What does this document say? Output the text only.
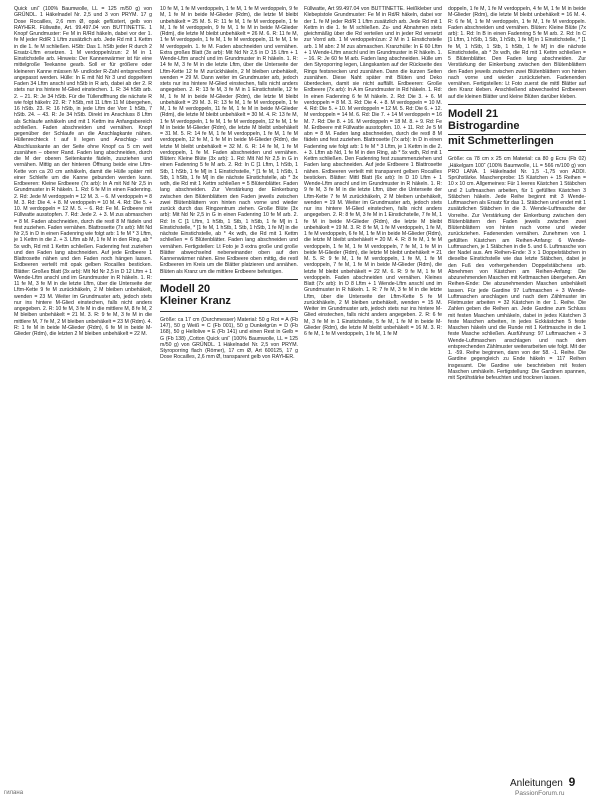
Quick uni“ (100% Baumwolle, LL = 125 m/50 g) von GRÜNDL. 1 Häkelnadel Nr. 2,5 und 3 von PRYM. 17 g Dose Rocailles, 2,6 mm Ø, opak geflüstert, gelb von RAYHER. Füllwatte, Art. 99.497.04 von BUTTINETTE. 1 Knopf Grundmuster: Fe M in R/Rd häkeln, dabei vor der 1. fe M jeder Rd/R 1 Lftm zusätzlich arb. Jede Rd mit 1 Kettm in die 1. fe M schließen. HStb: Das 1. hStb jeder R durch 2 Ersatz-Lftm ersetzen. 1 M verdoppeln/zun: 2 M in 1 Einstichstelle arb. Hinweis: Der Kannenwärmer ist für eine mittelgroße Teekanne gearb. Soll er für größere oder kleineren Kanne müssen M- und/oder R-Zahl entsprechend angepasst werden. Hülle: In E mit Nd Nr 3 und doppeltem Faden 34 Lftm anschl und hStb in R arb, dabei ab der 2. R stets nur ins hintere M-Glied einstechen. 1. R: 34 hStb arb. 2. – 21. R: Je 34 hStb. Für die Tüllendffnung die nächste R wie folgt häkeln: 22. R: 7 hStb, mit 11 Lftm 11 M übergehen, 16 hStb. 23. R: 16 hStb, in jede Lftm der Vorr 1 hStb, 7 hStb. 24. – 43. R: Je 34 hStb. Direkt im Anschluss 8 Lftm als Schlaufe anhäkeln und mit 1 Kettm ins Anfangsbereich schließen. Faden abschneiden und vernähen. Knopf gegenüber der Schlaufe an die Anschlagkante nähen. Hüllenrechteck t auf li legen und Anschlag- und Abschlusskante an der Seite ohne Knopf ca 5 cm weit zusnähen – oberer Rand. Faden lang abschneiden, durch die M der oberen Seitenkante fädeln, zusziehen und vernähen. Mittig an der hinteren Öffnung beide eine Lftm-Kette von ca 20 cm anhäkeln, damit die Hülle später mit einer Schleife um die Kanne gebunden werden kann. Erdbeeren: Kleine Erdbeere (7x arb): In A mit Nd Nr 2,5 in Grundmuster in R häkeln. 1. Rd: 6 fe M in einen Fadenring. 2. Rd: Jede M verdoppeln = 12 M. 3. – 6. M verdoppeln = 8 M. 3. Rd: Die 4. + 8. M verdoppeln = 10 M. 4. Rd: Die 5. + 10. M verdoppeln = 12 M. 5. – 6. Rd: Fe M. Erdbeere mit Füllwatte ausstopfen. 7. Rd: Jede 2. + 3. M zus abmaschen = 8 M. Faden abschneiden, durch die restl 8 M fädeln und fest zuziehen. Faden vernähen. Blattrosette (7x arb): Mit Nd Nr 2,5 in D in einen Fadenring wie folgt arb: 1 fe M * 3 Lftm, je 1 Kettm in die 2. + 3. Lftm ab M, 1 fe M in den Ring, ab * 5x wdh, Rd mit 1 Kettm schließen. Fadenring fest zuziehen und den Faden lang abschneiden. Auf jede Erdbeere 1 Blattrosette nähen und den Faden noch hängen lassen. Erdbeeren verteilt mit opak gelben Rocailles besticken. Blätter: Großes Blatt (3x arb): Mit Nd Nr 2,5 in D 12 Lftm + 1 Wende-Lftm anschl und im Grundmuster in R häkeln. 1. R: 11 fe M, 3 fe M in die letzte Lftm, über die Unterseite der Lftm-Kette 9 fe M zurückhäkeln, 2 M bleiben unbehäkelt, wenden = 23 M. Weiter im Grundmuster arb, jedoch stets nur ins hintere M-Glied einstechen, falls nicht anders angegeben. 2. R: 10 fe M, 3 fe M in die mittlere M, 8 fe M, 2 M bleiben unbehäkelt = 21 M. 3. R: 9 fe M, 3 fe M in die mittlere M, 7 fe M, 2 M bleiben unbehäkelt = 23 M (Rdm). 4. R: 1 fe M in beide M-Glieder (Rdm), 6 fe M in beide M-Glieder (Rdm), die letzten 2 M bleiben unbehäkelt = 22 M.

10 fe M, 1 fe M verdoppeln, 1 fe M, 1 fe M verdoppeln, 9 fe M, 1 fe M in beide M-Glieder (Rdm), die letzte M bleibt unbehäkelt = 25 M. 5. R: 11 fe M, 1 fe M verdoppeln, 1 fe M, 1 fe M verdoppeln, 9 fe M, 1 fe M in beide M-Glieder (Rdm), die letzte M bleibt unbehäkelt = 26 M. 6. R: 11 fe M, 1 fe M verdoppeln, 1 fe M, 1 fe M verdoppeln, 11 fe M, 1 fe M verdoppeln. 1. fe M. Faden abschneiden und vernähen. Extra großes Blatt (3x arb): Mit Nd Nr 2,5 in D 15 Lftm + 1 Wende-Lftm anschl und im Grundmuster in R häkeln. 1. R: 14 fe M, 3 fe M in die letzte Lftm, über die Unterseite der Lftm-Kette 12 fe M zurückhäkeln, 2 M bleiben unbehäkelt, wenden = 29 M. Dann weiter im Grundmuster arb, jedoch stets nur ins hintere M-Glied einstechen, falls nicht anders angegeben. 2. R: 13 fe M, 3 fe M in 1 Einstichstelle, 12 fe M, 1 fe M in beide M-Glieder (Rdm), die letzte M bleibt unbehäkelt = 29 M. 3. R: 13 fe M, 1 fe M verdoppeln, 1 fe M, 1 fe M verdoppeln, 11 fe M, 1 fe M in beide M-Glieder (Rdm), die letzte M bleibt unbehäkelt = 30 M. 4. R: 13 fe M, 1 fe M verdoppeln, 1 fe M, 1 fe M verdoppeln, 12 fe M, 1 fe M in beide M-Glieder (Rdm), die letzte M bleibt unbehäkelt = 31 M. 5. R: 14 fe M, 1 fe M verdoppeln, 1 fe M, 1 fe M verdoppeln, 12 fe M, 1 fe M in beide M-Glieder (Rdm), die letzte M bleibt unbehäkelt = 32 M. 6. R: 14 fe M, 1 fe M verdoppeln, 1 fe M. Faden abschneiden und vernähen. Blüten: Kleine Blüte (3x arb): 1. Rd: Mit Nd Nr 2,5 in G in einen Fadenring 5 fe M arb. 2. Rd: In C [1 Lftm, 1 hStb, 1 Stb, 1 hStb, 1 fe M] in 1 Einstichstelle, * [1 fe M, 1 hStb, 1 Stb, 1 hStb, 1 fe M] in die nächste Einstichstelle, ab * 3x wdh, die Rd mit 1 Kettm schließen = 5 Blütenblätter. Faden lang abschneiden. Zur Verstärkung der Einkerbung zwischen den Blütenblättern den Faden jeweils zwischen zwei Blütenblättern von hinten nach vorne und wieder zurück durch das Ringzentrum ziehen. Große Blüte (3x arb): Mit Nd Nr 2,5 in G in einen Fadenring 10 fe M arb. 2. Rd: In C [1 Lftm, 1 hStb, 1 Stb, 1 hStb, 1 fe M] in 1 Einstichstelle, * [1 fe M, 1 hStb, 1 Stb, 1 hStb, 1 fe M] in die nächste Einstichstelle, ab * 4x wdh, die Rd mit 1 Kettm schließen = 6 Blütenblätter. Faden lang abschneiden und vernähen. Fertigstellen: Lt Foto je 3 extra große und große Blätter abwechselnd nebeneinander oben auf den Kannenwärmer nähen. Eine Erdbeere oben mittig, die restl Erdbeeren im Kreis um die Blätter platzieren und annähen. Blüten als Kranz um die mittlere Erdbeere befestigen.

Modell 20

Kleiner Kranz

Größe: ca 17 cm (Durchmesser) Material: 50 g Rot = A (Fb 147), 50 g Weiß = C (Fb 001), 50 g Dunkelgrün = D (Fb 168), 50 g Hellolive = E (Fb 141) und einen Rest in Gelb = G (Fb 138) „Cotton Quick uni“ (100% Baumwolle, LL = 125 m/50 g) von GRÜNDL. 1 Häkelnadel Nr. 2,5 von PRYM. Styroporring flach (Römer), 17 cm Ø, Art 600125, 17 g Dose Rocailles, 2,6 mm Ø, transparent gelb von RAYHER.

Füllwatte, Art 99.497.04 von BUTTINETTE. Heißkleber und Klebepistole Grundmuster: Fe M in Rd/R häkeln, dabei vor der 1. fe M jeder Rd/R 1 Lftm zusätzlich arb. Jede Rd mit 1 Kettm in die 1. fe M schließen. Zu- und Abnahmen stets gleichmäßig über die Rd verteilen und in jeder Rd versetzt zur Vorrd arb. 1 M verdoppeln/zun: 2 M in 1 Einstichstelle arb. 1 M abn: 2 M zus abmaschen. Kranzhülle: In E 60 Lftm + 1 Wende-Lftm anschl und im Grundmuster in R häkeln. 1. – 16. R: Je 60 fe M arb. Faden lang abschneiden. Hülle um den Styroporring legen, Längskanten auf der Rückseite des Rings festsnecken und zusnähen. Dann die kurzen Seiten zusnähen. Diese Naht später mit Blüten und Deko überdecken, damit sie nicht auffällt. Erdbeeren: Große Erdbeere (7x arb): In A im Grundmuster in Rd häkeln. 1. Rd: In einen Fadenring 6 fe M häkeln. 2. Rd: Die 3. + 6. M verdoppeln = 8 M. 3. Rd: Die 4. + 8. M verdoppeln = 10 M. 4. Rd: Die 5. + 10. M verdoppeln = 12 M. 5. Rd: Die 6. + 12. M verdoppeln = 14 M. 6. Rd: Die 7. + 14 M verdoppeln = 16 M. 7. Rd: Die 8. + 16. M verdoppeln = 18 M. 8. + 9. Rd: Fe M. Erdbeere mit Füllwatte ausstopfen. 10. + 11. Rd: Je 5 M abn = 8 M. Faden lang abschneiden, durch die restl 8 M fädeln und fest zuziehen. Blattrosette (7x arb): In D in einen Fadenring wie folgt arb: 1 fe M * 3 Lftm, je 1 Kettm in die 2. + 3. Lftm ab Nd, 1 fe M in den Ring, ab * 5x wdh, Rd mit 1 Kettm schließen. Den Fadenring fest zusammenziehen und Faden lang abschneiden. Auf jede Erdbeere 1 Blattrosette nähen. Erdbeeren verteilt mit transparent gelben Rocailles besticken. Blätter: Mittl Blatt (6x arb): In D 10 Lftm + 1 Wende-Lftm anschl und im Grundmuster in R häkeln. 1. R: 9 fe M, 3 fe M in die letzte Lftm, über die Unterseite der Lftm-Kette 7 fe M zurückhäkeln, 2 M bleiben unbehäkelt, wenden = 19 M. Weiter im Grundmuster arb, jedoch stets nur ins hintere M-Glied einstechen, falls nicht anders angegeben. 2. R: 8 fe M, 3 fe M in 1 Einstichstelle, 7 fe M, 1 fe M in beide M-Glieder (Rdm), die letzte M bleibt unbehäkelt = 19 M. 3. R: 8 fe M, 1 fe M verdoppeln, 1 fe M, 1 fe M verdoppeln, 6 fe M, 1 fe M in beide M-Glieder (Rdm), die letzte M bleibt unbehäkelt = 20 M. 4. R: 8 fe M, 1 fe M verdoppeln, 1 fe M, 1 fe M verdoppeln, 7 fe M, 1 fe M in beide M-Glieder (Rdm), die letzte M bleibt unbehäkelt = 21 M. 5. R: 9 fe M, 1 fe M verdoppeln, 1 fe M, 1 fe M verdoppeln, 7 fe M, 1 fe M in beide M-Glieder (Rdm), die letzte M bleibt unbehäkelt = 22 M. 6. R: 9 fe M, 1 fe M verdoppeln. Faden abschneiden und vernähen. Kleines Blatt (7x arb): In D 8 Lftm + 1 Wende-Lftm anschl und im Grundmuster in R häkeln. 1. R: 7 fe M, 3 fe M in die letzte Lftm, über die Unterseite der Lftm-Kette 5 fe M zurückhäkeln, 2 M bleiben unbehäkelt, wenden = 15 M. Weiter im Grundmuster arb, jedoch stets nur ins hintere M-Glied einstechen, falls nicht anders angegeben. 2. R: 6 fe M, 3 fe M in 1 Einstichstelle, 5 fe M, 1 fe M in beide M-Glieder (Rdm), die letzte M bleibt unbehäkelt = 16 M. 3. R: 6 fe M, 1 fe M verdoppeln, 1 fe M, 1 fe M

doppeln, 1 fe M, 1 fe M verdoppeln, 4 fe M, 1 fe M in beide M-Glieder (Rdm), die letzte M bleibt unbehäkelt = 16 M. 4. R: 6 fe M, 1 fe M verdoppeln, 1 fe M, 1 fe M verdoppeln. Faden abschneiden und vernähen. Blüten: Kleine Blüte (7x arb): 1. Rd: In B in einen Fadenring 5 fe M arb. 2. Rd: In C [1 Lftm, 1 hStb, 1 Stb, 1 hStb, 1 fe M] in 1 Einstichstelle, * [1 fe M, 1 hStb, 1 Stb, 1 hStb, 1 fe M] in die nächste Einstichstelle, ab * 3x wdh, die Rd mit 1 Kettm schließen = 5 Blütenblätter. Den Faden lang abschneiden. Zur Verstärkung der Einkerbung zwischen den Blütenblättern den Faden jeweils zwischen zwei Blütenblättern von hinten nach vorne und wieder zurückziehen. Fadenenden vernähen. Fertigstellen: Lt Foto zuerst die mittl Blätter auf den Kranz kleben. Anschließend abwechselnd Erdbeeren auf die kleinen Blätter und kleine Blüten darüber kleben.

Modell 21

Bistrogardine

mit Schmetterlingen

Größe: ca 78 cm x 25 cm Material: ca 80 g Ecru (Fb 02) „Häkelgarn 100“ (100% Baumwolle, LL = 566 m/100 g) von PRO LANA. 1 Häkelnadel Nr. 1,5 -1,75 von ADDI. Sprühstärke. Maschenprobe: 15 Kästchen + 15 Reihen = 10 x 10 cm. Allgemeines: Für 1 leeres Kästchen 1 Stäbchen und 2 Luftmaschen arbeiten, für 1 gefülltes Kästchen 3 Stäbchen häkeln. Jede Reihe beginnt mit 3 Wende-Luftmaschen als Ersatz für das 1. Stäbchen und endet mit 1 zusätzlichen Stäbchen in die 3. Wende-Luftmasche der Vorreihe. Zur Verstärkung der Einkerbung zwischen den Blütenblättern den Faden jeweils zwischen zwei Blütenblättern von hinten nach vorne und wieder zurückziehen. Fadenenden vernähen. Zunehmen von 1 gefüllten Kästchen am Reihen-Anfang: 6 Wende-Luftmaschen, je 1 Stäbchen in die 5. und 6. Luftmasche von der Nadel aus. Am Reihen-Ende: 3 x 1 Doppelstäbchen in dieselbe Einstichstelle wie das letzte Stäbchen, dabei je den Fuß des vorhergehenden Doppelstäbchens arb. Abnehmen von Kästchen am Reihen-Anfang: Die abzunehmenden Maschen mit Kettmaschen übergehen. Am Reihen-Ende: Die abzunehmenden Maschen unbehäkelt lassen. Für jede Gardine 97 Luftmaschen + 3 Wende-Luftmaschen anschlagen und nach dem Zählmuster im Filetmuster arbeiten = 32 Kästchen in der 1. Reihe. Die Zahlen geben die Reihen an. Jede Gardine zum Schluss mit festen Maschen umhäkeln, dabei in jedes Kästchen 3 feste Maschen arbeiten, in jedes Eckkästchen 5 feste Maschen häkeln und die Runde mit 1 Kettmasche in die 1 feste Masche schließen. Ausführung: 97 Luftmaschen + 3 Wende-Luftmaschen anschlagen und nach dem entsprechenden Zählmuster weiterarbeiten wie folgt. Mit der 1. -59. Reihe beginnen, dann von der 58. -1. Reihe. Die Gardine gegengleich zu Ende häkeln = 117 Reihen insgesamt. Die Gardine wie beschrieben mit festen Maschen umhäkeln. Fertigstellung: Die Gardinen spannen, mit Sprühstärke befeuchten und trocknen lassen.

гилана
Anleitungen 9
PassionForum.ru
